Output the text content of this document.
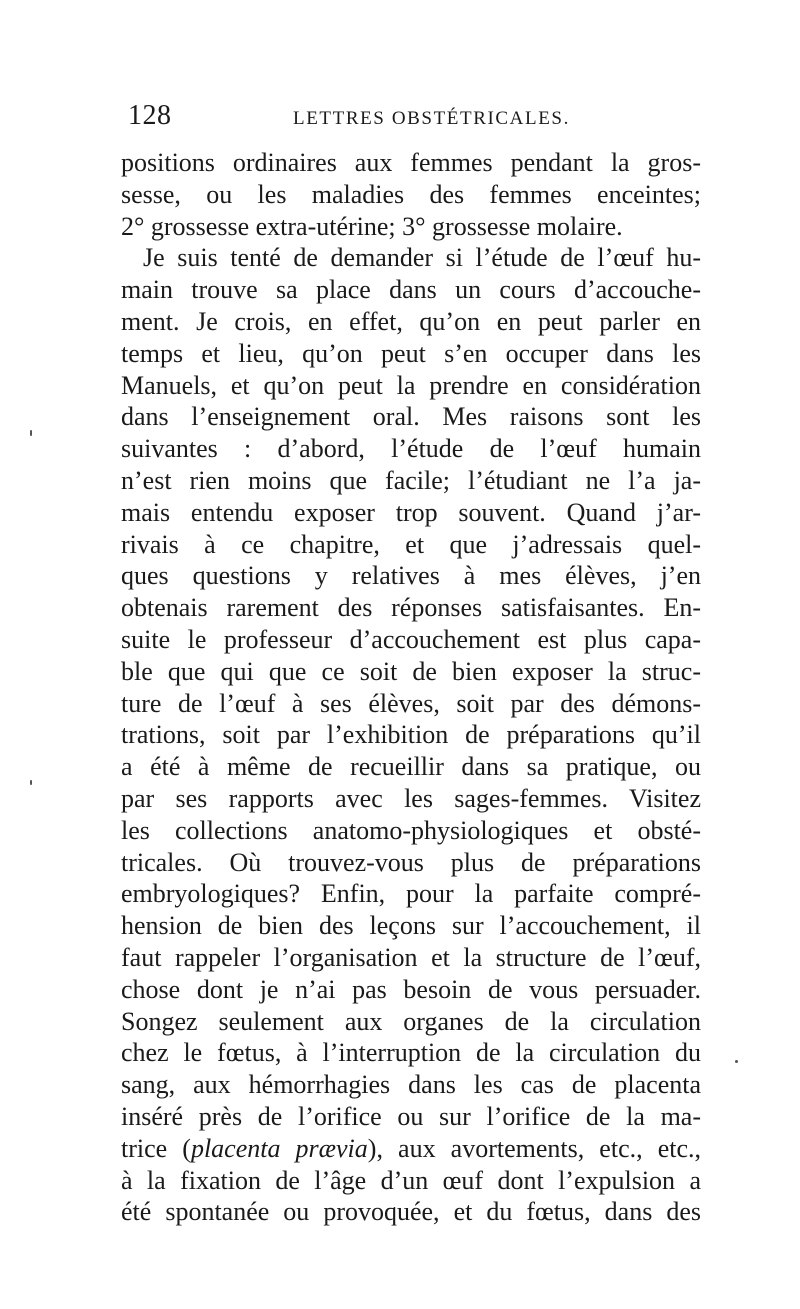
128	LETTRES OBSTÉTRICALES.
positions ordinaires aux femmes pendant la gros-
sesse, ou les maladies des femmes enceintes;
2° grossesse extra-utérine; 3° grossesse molaire.
Je suis tenté de demander si l’étude de l’œuf hu-
main trouve sa place dans un cours d’accouche-
ment. Je crois, en effet, qu’on en peut parler en
temps et lieu, qu’on peut s’en occuper dans les
Manuels, et qu’on peut la prendre en considération
dans l’enseignement oral. Mes raisons sont les
suivantes : d’abord, l’étude de l’œuf humain
n’est rien moins que facile; l’étudiant ne l’a ja-
mais entendu exposer trop souvent. Quand j’ar-
rivais à ce chapitre, et que j’adressais quel-
ques questions y relatives à mes élèves, j’en
obtenais rarement des réponses satisfaisantes. En-
suite le professeur d’accouchement est plus capa-
ble que qui que ce soit de bien exposer la struc-
ture de l’œuf à ses élèves, soit par des démons-
trations, soit par l’exhibition de préparations qu’il
a été à même de recueillir dans sa pratique, ou
par ses rapports avec les sages-femmes. Visitez
les collections anatomo-physiologiques et obsté-
tricales. Où trouvez-vous plus de préparations
embryologiques? Enfin, pour la parfaite compré-
hension de bien des leçons sur l’accouchement, il
faut rappeler l’organisation et la structure de l’œuf,
chose dont je n’ai pas besoin de vous persuader.
Songez seulement aux organes de la circulation
chez le fœtus, à l’interruption de la circulation du
sang, aux hémorrhagies dans les cas de placenta
inséré près de l’orifice ou sur l’orifice de la ma-
trice (placenta prævia), aux avortements, etc., etc.,
à la fixation de l’âge d’un œuf dont l’expulsion a
été spontanée ou provoquée, et du fœtus, dans des
